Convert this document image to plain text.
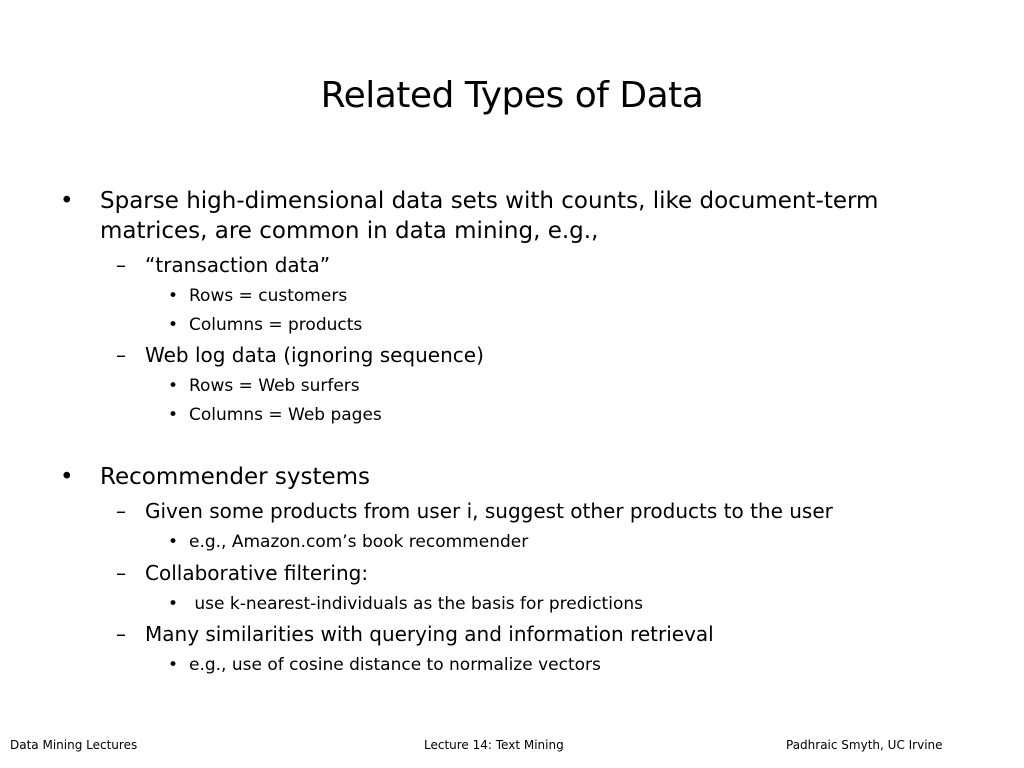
Related Types of Data
• Sparse high-dimensional data sets with counts, like document-term
matrices, are common in data mining, e.g.,
– “transaction data”
• Rows = customers
• Columns = products
– Web log data (ignoring sequence)
• Rows = Web surfers
• Columns = Web pages
• Recommender systems
– Given some products from user i, suggest other products to the user
• e.g., Amazon.com’s book recommender
– Collaborative filtering:
• use k-nearest-individuals as the basis for predictions
– Many similarities with querying and information retrieval
• e.g., use of cosine distance to normalize vectors
Data Mining Lectures	Lecture 14: Text Mining	Padhraic Smyth, UC Irvine
